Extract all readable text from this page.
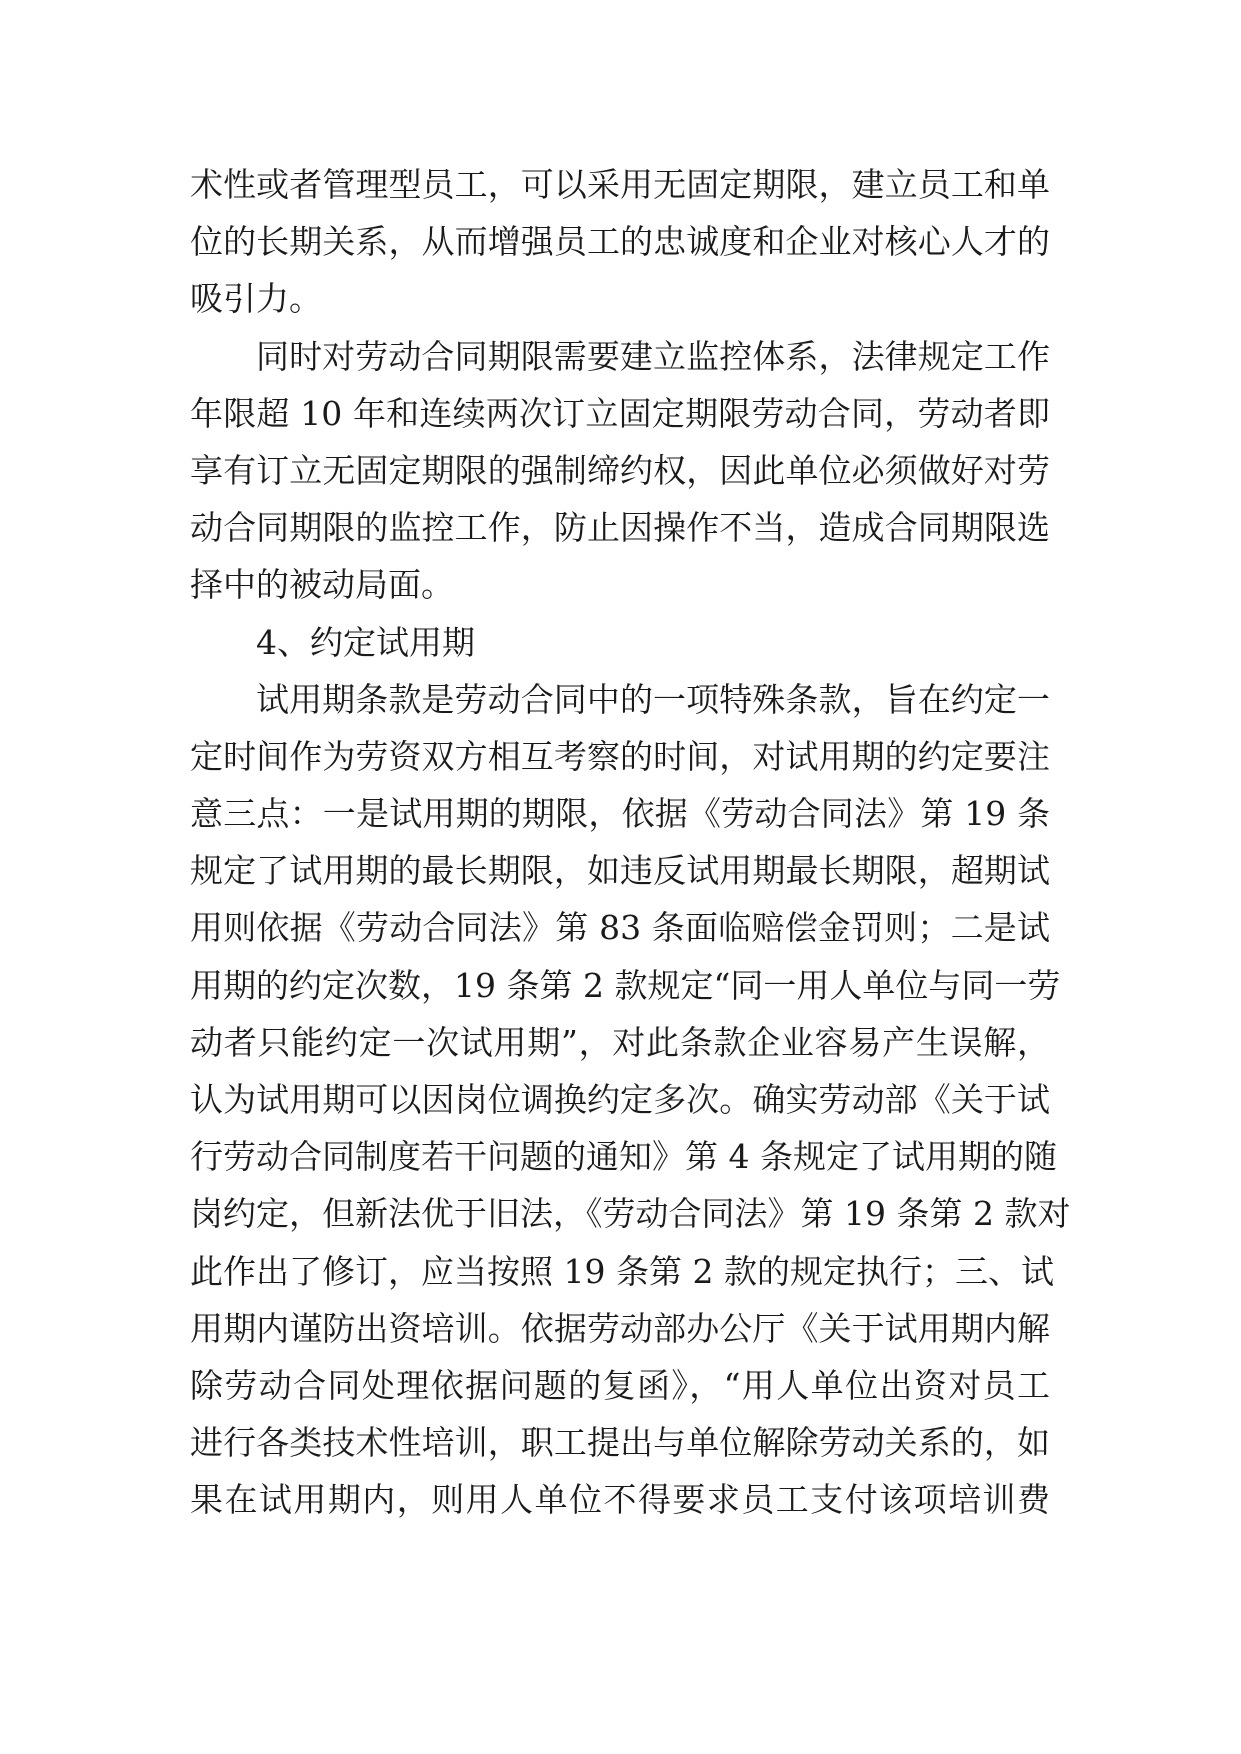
术性或者管理型员工，可以采用无固定期限，建立员工和单
位的长期关系，从而增强员工的忠诚度和企业对核心人才的
吸引力。
同时对劳动合同期限需要建立监控体系，法律规定工作
年限超 10 年和连续两次订立固定期限劳动合同，劳动者即
享有订立无固定期限的强制缔约权，因此单位必须做好对劳
动合同期限的监控工作，防止因操作不当，造成合同期限选
择中的被动局面。
4、约定试用期
试用期条款是劳动合同中的一项特殊条款，旨在约定一
定时间作为劳资双方相互考察的时间，对试用期的约定要注
意三点：一是试用期的期限，依据《劳动合同法》第 19 条
规定了试用期的最长期限，如违反试用期最长期限，超期试
用则依据《劳动合同法》第 83 条面临赔偿金罚则；二是试
用期的约定次数，19 条第 2 款规定“同一用人单位与同一劳
动者只能约定一次试用期”，对此条款企业容易产生误解，
认为试用期可以因岗位调换约定多次。确实劳动部《关于试
行劳动合同制度若干问题的通知》第 4 条规定了试用期的随
岗约定，但新法优于旧法，《劳动合同法》第 19 条第 2 款对
此作出了修订，应当按照 19 条第 2 款的规定执行；三、试
用期内谨防出资培训。依据劳动部办公厅《关于试用期内解
除劳动合同处理依据问题的复函》，“用人单位出资对员工
进行各类技术性培训，职工提出与单位解除劳动关系的，如
果在试用期内，则用人单位不得要求员工支付该项培训费
